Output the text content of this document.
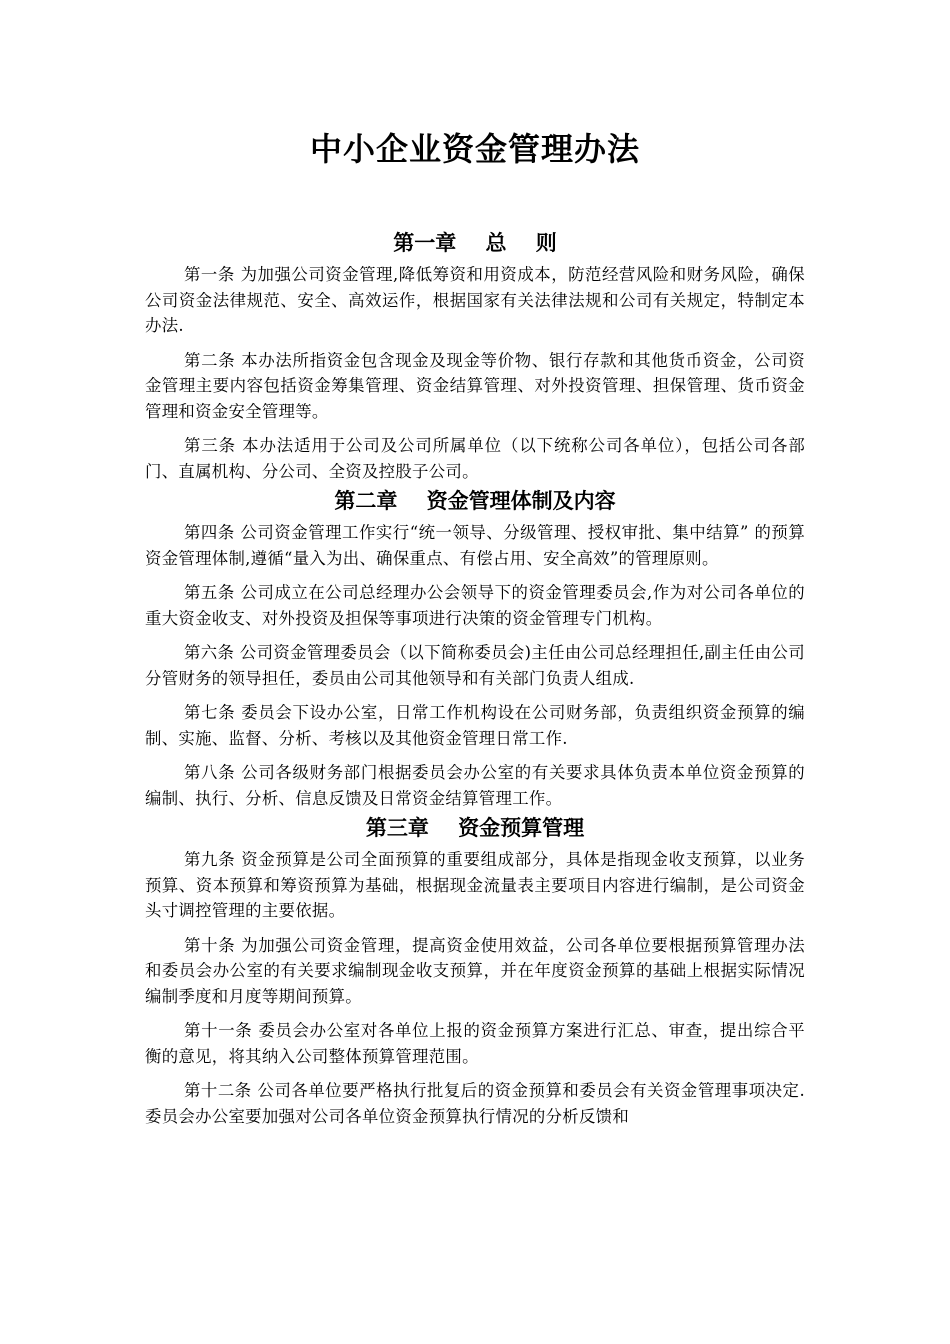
中小企业资金管理办法
第一章    总    则

第一条 为加强公司资金管理,降低筹资和用资成本，防范经营风险和财务风险，确保公司资金法律规范、安全、高效运作，根据国家有关法律法规和公司有关规定，特制定本办法.

第二条 本办法所指资金包含现金及现金等价物、银行存款和其他货币资金，公司资金管理主要内容包括资金筹集管理、资金结算管理、对外投资管理、担保管理、货币资金管理和资金安全管理等。

第三条 本办法适用于公司及公司所属单位（以下统称公司各单位），包括公司各部门、直属机构、分公司、全资及控股子公司。

第二章    资金管理体制及内容

第四条 公司资金管理工作实行“统一领导、分级管理、授权审批、集中结算” 的预算资金管理体制,遵循“量入为出、确保重点、有偿占用、安全高效”的管理原则。

第五条 公司成立在公司总经理办公会领导下的资金管理委员会,作为对公司各单位的重大资金收支、对外投资及担保等事项进行决策的资金管理专门机构。

第六条 公司资金管理委员会（以下简称委员会)主任由公司总经理担任,副主任由公司分管财务的领导担任，委员由公司其他领导和有关部门负责人组成.

第七条 委员会下设办公室，日常工作机构设在公司财务部，负责组织资金预算的编制、实施、监督、分析、考核以及其他资金管理日常工作.

第八条 公司各级财务部门根据委员会办公室的有关要求具体负责本单位资金预算的编制、执行、分析、信息反馈及日常资金结算管理工作。

第三章    资金预算管理

第九条 资金预算是公司全面预算的重要组成部分，具体是指现金收支预算，以业务预算、资本预算和筹资预算为基础，根据现金流量表主要项目内容进行编制，是公司资金头寸调控管理的主要依据。

第十条 为加强公司资金管理，提高资金使用效益，公司各单位要根据预算管理办法和委员会办公室的有关要求编制现金收支预算，并在年度资金预算的基础上根据实际情况编制季度和月度等期间预算。

第十一条 委员会办公室对各单位上报的资金预算方案进行汇总、审查，提出综合平衡的意见，将其纳入公司整体预算管理范围。

第十二条 公司各单位要严格执行批复后的资金预算和委员会有关资金管理事项决定.委员会办公室要加强对公司各单位资金预算执行情况的分析反馈和
